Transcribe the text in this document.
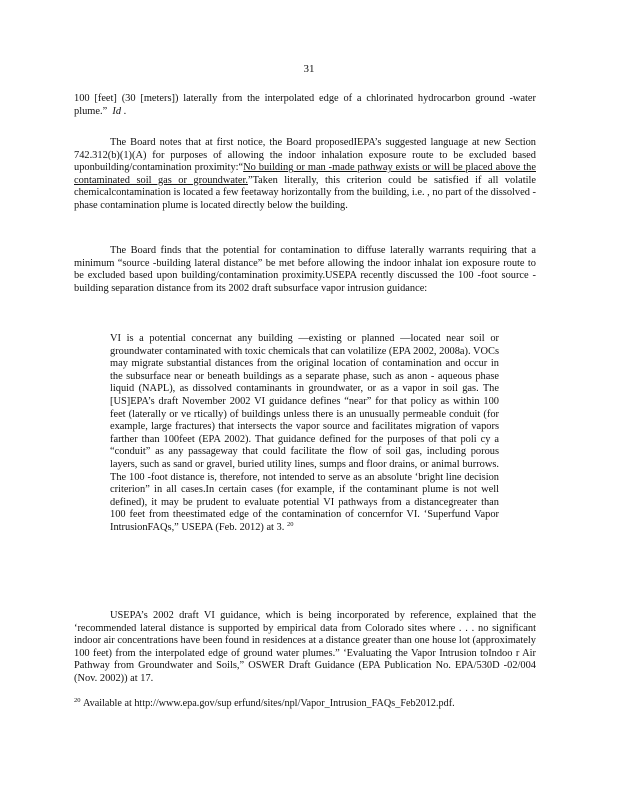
31
100 [feet] (30 [meters]) laterally from the interpolated edge of a chlorinated hydrocarbon ground -water plume.” Id .
The Board notes that at first notice, the Board proposedIEPA’s suggested language at new Section 742.312(b)(1)(A) for purposes of allowing the indoor inhalation exposure route to be excluded based uponbuilding/contamination proximity:“No building or man -made pathway exists or will be placed above the contaminated soil gas or groundwater.”Taken literally, this criterion could be satisfied if all volatile chemicalcontamination is located a few feetaway horizontally from the building, i.e. , no part of the dissolved -phase contamination plume is located directly below the building.
The Board finds that the potential for contamination to diffuse laterally warrants requiring that a minimum “source -building lateral distance” be met before allowing the indoor inhalat ion exposure route to be excluded based upon building/contamination proximity.USEPA recently discussed the 100 -foot source -building separation distance from its 2002 draft subsurface vapor intrusion guidance:
VI is a potential concernat any building —existing or planned —located near soil or groundwater contaminated with toxic chemicals that can volatilize (EPA 2002, 2008a). VOCs may migrate substantial distances from the original location of contamination and occur in the subsurface near or beneath buildings as a separate phase, such as anon - aqueous phase liquid (NAPL), as dissolved contaminants in groundwater, or as a vapor in soil gas. The [US]EPA’s draft November 2002 VI guidance defines “near” for that policy as within 100 feet (laterally or ve rtically) of buildings unless there is an unusually permeable conduit (for example, large fractures) that intersects the vapor source and facilitates migration of vapors farther than 100feet (EPA 2002). That guidance defined for the purposes of that poli cy a “conduit” as any passageway that could facilitate the flow of soil gas, including porous layers, such as sand or gravel, buried utility lines, sumps and floor drains, or animal burrows. The 100 -foot distance is, therefore, not intended to serve as an absolute ‘bright line decision criterion” in all cases.In certain cases (for example, if the contaminant plume is not well defined), it may be prudent to evaluate potential VI pathways from a distancegreater than 100 feet from theestimated edge of the contamination of concernfor VI. ‘Superfund Vapor IntrusionFAQs,” USEPA (Feb. 2012) at 3. $^{20}$
USEPA’s 2002 draft VI guidance, which is being incorporated by reference, explained that the ‘recommended lateral distance is supported by empirical data from Colorado sites where . . . no significant indoor air concentrations have been found in residences at a distance greater than one house lot (approximately 100 feet) from the interpolated edge of ground water plumes.” ‘Evaluating the Vapor Intrusion toIndoo r Air Pathway from Groundwater and Soils,” OSWER Draft Guidance (EPA Publication No. EPA/530D -02/004 (Nov. 2002)) at 17.
$^{20}$ Available at http://www.epa.gov/sup erfund/sites/npl/Vapor_Intrusion_FAQs_Feb2012.pdf.
